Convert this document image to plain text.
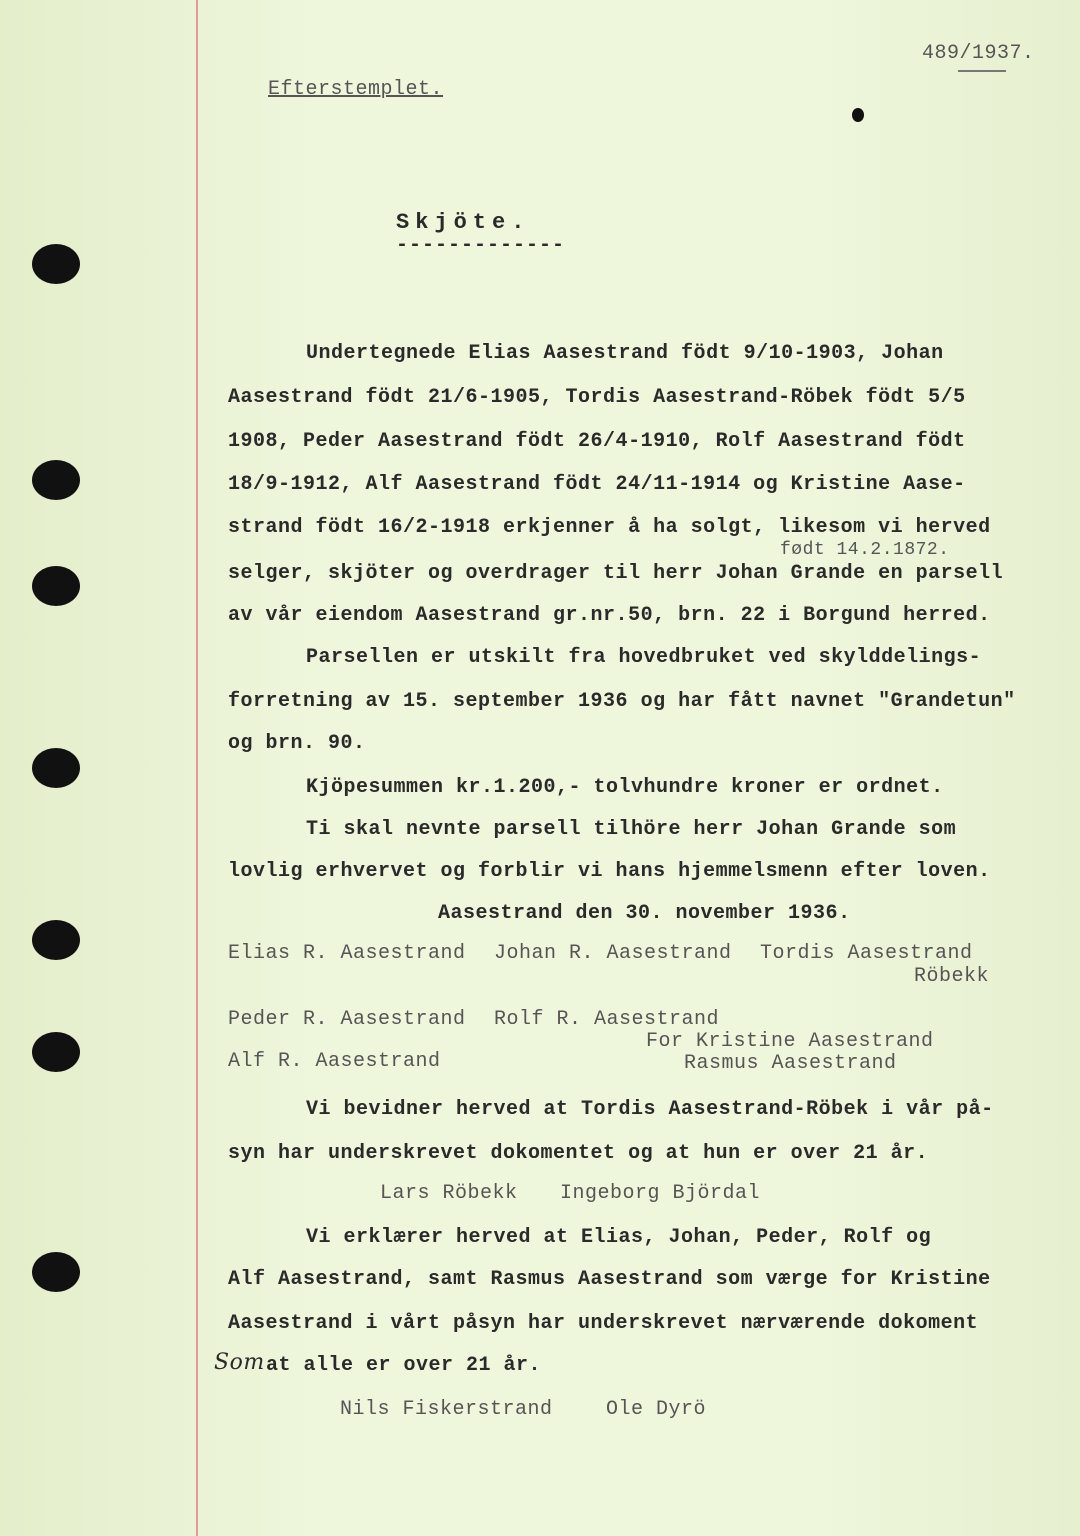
489/1937.
Efterstemplet.
Skjöte.
-------------
Undertegnede Elias Aasestrand födt 9/10-1903, Johan
Aasestrand födt 21/6-1905, Tordis Aasestrand-Röbek födt 5/5
1908, Peder Aasestrand födt 26/4-1910, Rolf Aasestrand födt
18/9-1912, Alf Aasestrand födt 24/11-1914 og Kristine Aase-
strand födt 16/2-1918 erkjenner å ha solgt, likesom vi herved
født 14.2.1872.
selger, skjöter og overdrager til herr Johan Grande en parsell
av vår eiendom Aasestrand gr.nr.50, brn. 22 i Borgund herred.
Parsellen er utskilt fra hovedbruket ved skylddelings-
forretning av 15. september 1936 og har fått navnet "Grandetun"
og brn. 90.
Kjöpesummen kr.1.200,- tolvhundre kroner er ordnet.
Ti skal nevnte parsell tilhöre herr Johan Grande som
lovlig erhvervet og forblir vi hans hjemmelsmenn efter loven.
Aasestrand den 30. november 1936.
Elias R. Aasestrand Johan R. Aasestrand Tordis Aasestrand
Röbekk
Peder R. Aasestrand Rolf R. Aasestrand
For Kristine Aasestrand
Alf R. Aasestrand	Rasmus Aasestrand
Vi bevidner herved at Tordis Aasestrand-Röbek i vår på-
syn har underskrevet dokomentet og at hun er over 21 år.
Lars Röbekk Ingeborg Björdal
Vi erklærer herved at Elias, Johan, Peder, Rolf og
Alf Aasestrand, samt Rasmus Aasestrand som værge for Kristine
Aasestrand i vårt påsyn har underskrevet nærværende dokoment
Som at alle er over 21 år.
Nils Fiskerstrand	Ole Dyrö
